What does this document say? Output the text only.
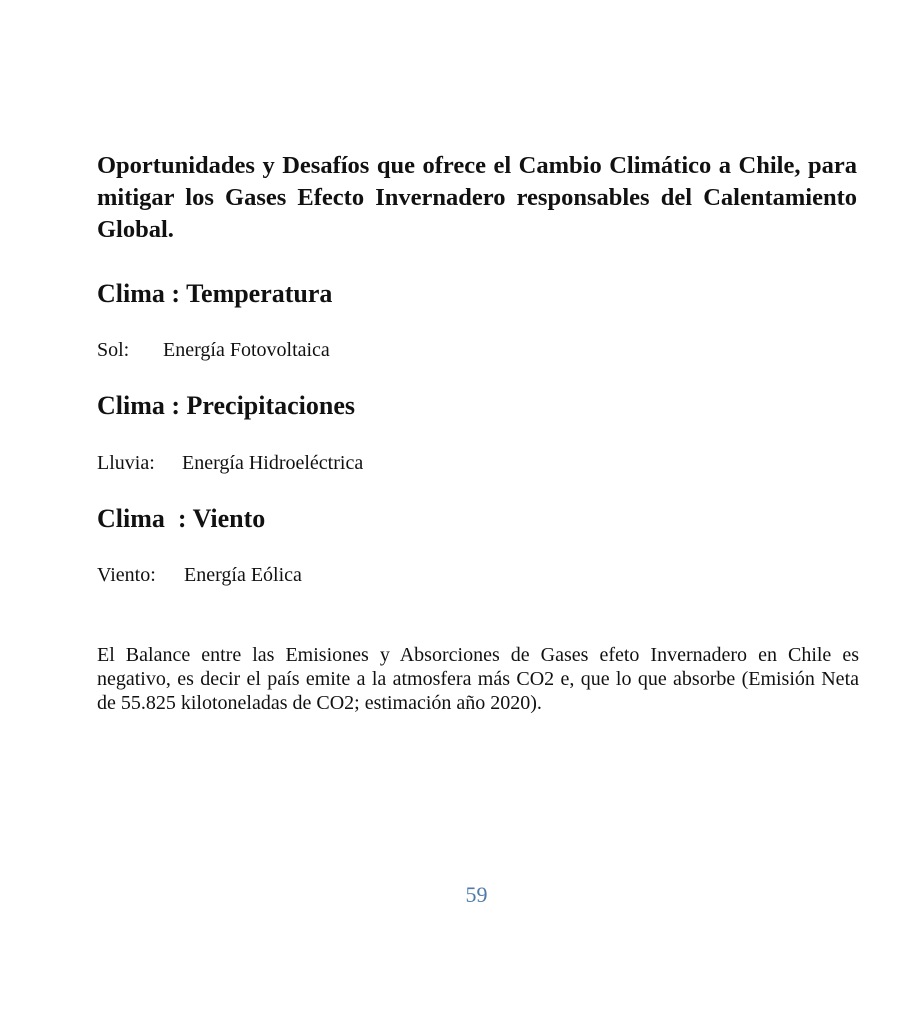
Oportunidades y Desafíos que ofrece el Cambio Climático a Chile, para mitigar los Gases Efecto Invernadero responsables del Calentamiento Global.

Clima : Temperatura

Sol: Energía Fotovoltaica

Clima : Precipitaciones

Lluvia: Energía Hidroeléctrica

Clima  : Viento

Viento: Energía Eólica

El Balance entre las Emisiones y Absorciones de Gases efeto Invernadero en Chile es negativo, es decir el país emite a la atmosfera más CO2 e, que lo que absorbe (Emisión Neta de 55.825 kilotoneladas de CO2; estimación año 2020).

59
